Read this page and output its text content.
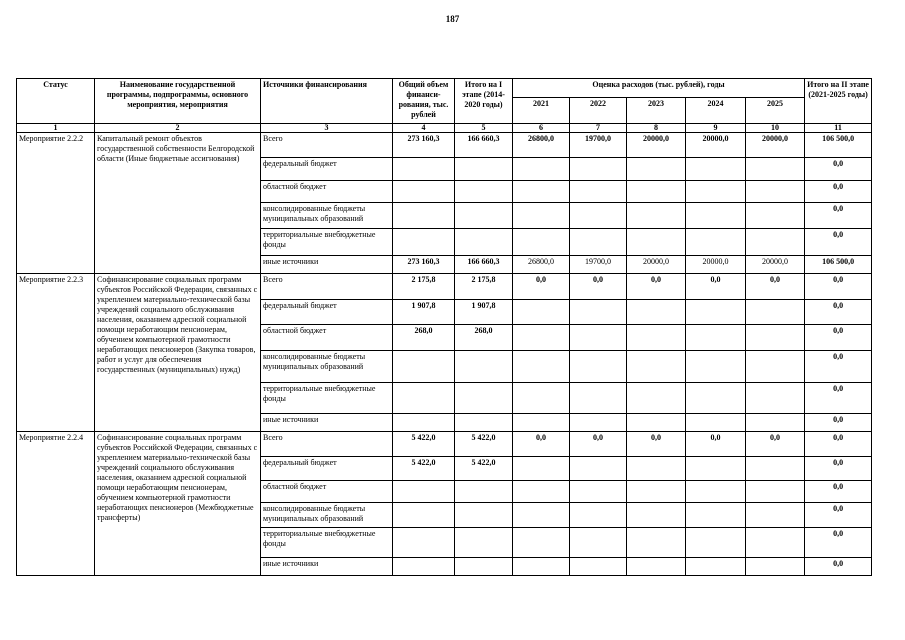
187
Статус	Наименование государственной программы, подпрограммы, основного мероприятия, мероприятия	Источники финансирования	Общий объем финанси-рования, тыс. рублей	Итого на I этапе (2014-2020 годы)	Оценка расходов (тыс. рублей), годы					Итого на II этапе (2021-2025 годы)
					2021	2022	2023	2024	2025	
1	2	3	4	5	6	7	8	9	10	11
Мероприятие 2.2.2	Капитальный ремонт объектов государственной собственности Белгородской области (Иные бюджетные ассигнования)	Всего	273 160,3	166 660,3	26800,0	19700,0	20000,0	20000,0	20000,0	106 500,0
		федеральный бюджет								0,0
		областной бюджет								0,0
		консолидированные бюджеты муниципальных образований								0,0
		территориальные внебюджетные фонды								0,0
		иные источники	273 160,3	166 660,3	26800,0	19700,0	20000,0	20000,0	20000,0	106 500,0
Мероприятие 2.2.3	Софинансирование социальных программ субъектов Российской Федерации, связанных с укреплением материально-технической базы учреждений социального обслуживания населения, оказанием адресной социальной помощи неработающим пенсионерам, обучением компьютерной грамотности неработающих пенсионеров (Закупка товаров, работ и услуг для обеспечения государственных (муниципальных) нужд)	Всего	2 175,8	2 175,8	0,0	0,0	0,0	0,0	0,0	0,0
		федеральный бюджет	1 907,8	1 907,8						0,0
		областной бюджет	268,0	268,0						0,0
		консолидированные бюджеты муниципальных образований								0,0
		территориальные внебюджетные фонды								0,0
		иные источники								0,0
Мероприятие 2.2.4	Софинансирование социальных программ субъектов Российской Федерации, связанных с укреплением материально-технической базы учреждений социального обслуживания населения, оказанием адресной социальной помощи неработающим пенсионерам, обучением компьютерной грамотности неработающих пенсионеров (Межбюджетные трансферты)	Всего	5 422,0	5 422,0	0,0	0,0	0,0	0,0	0,0	0,0
		федеральный бюджет	5 422,0	5 422,0						0,0
		областной бюджет								0,0
		консолидированные бюджеты муниципальных образований								0,0
		территориальные внебюджетные фонды								0,0
		иные источники								0,0
